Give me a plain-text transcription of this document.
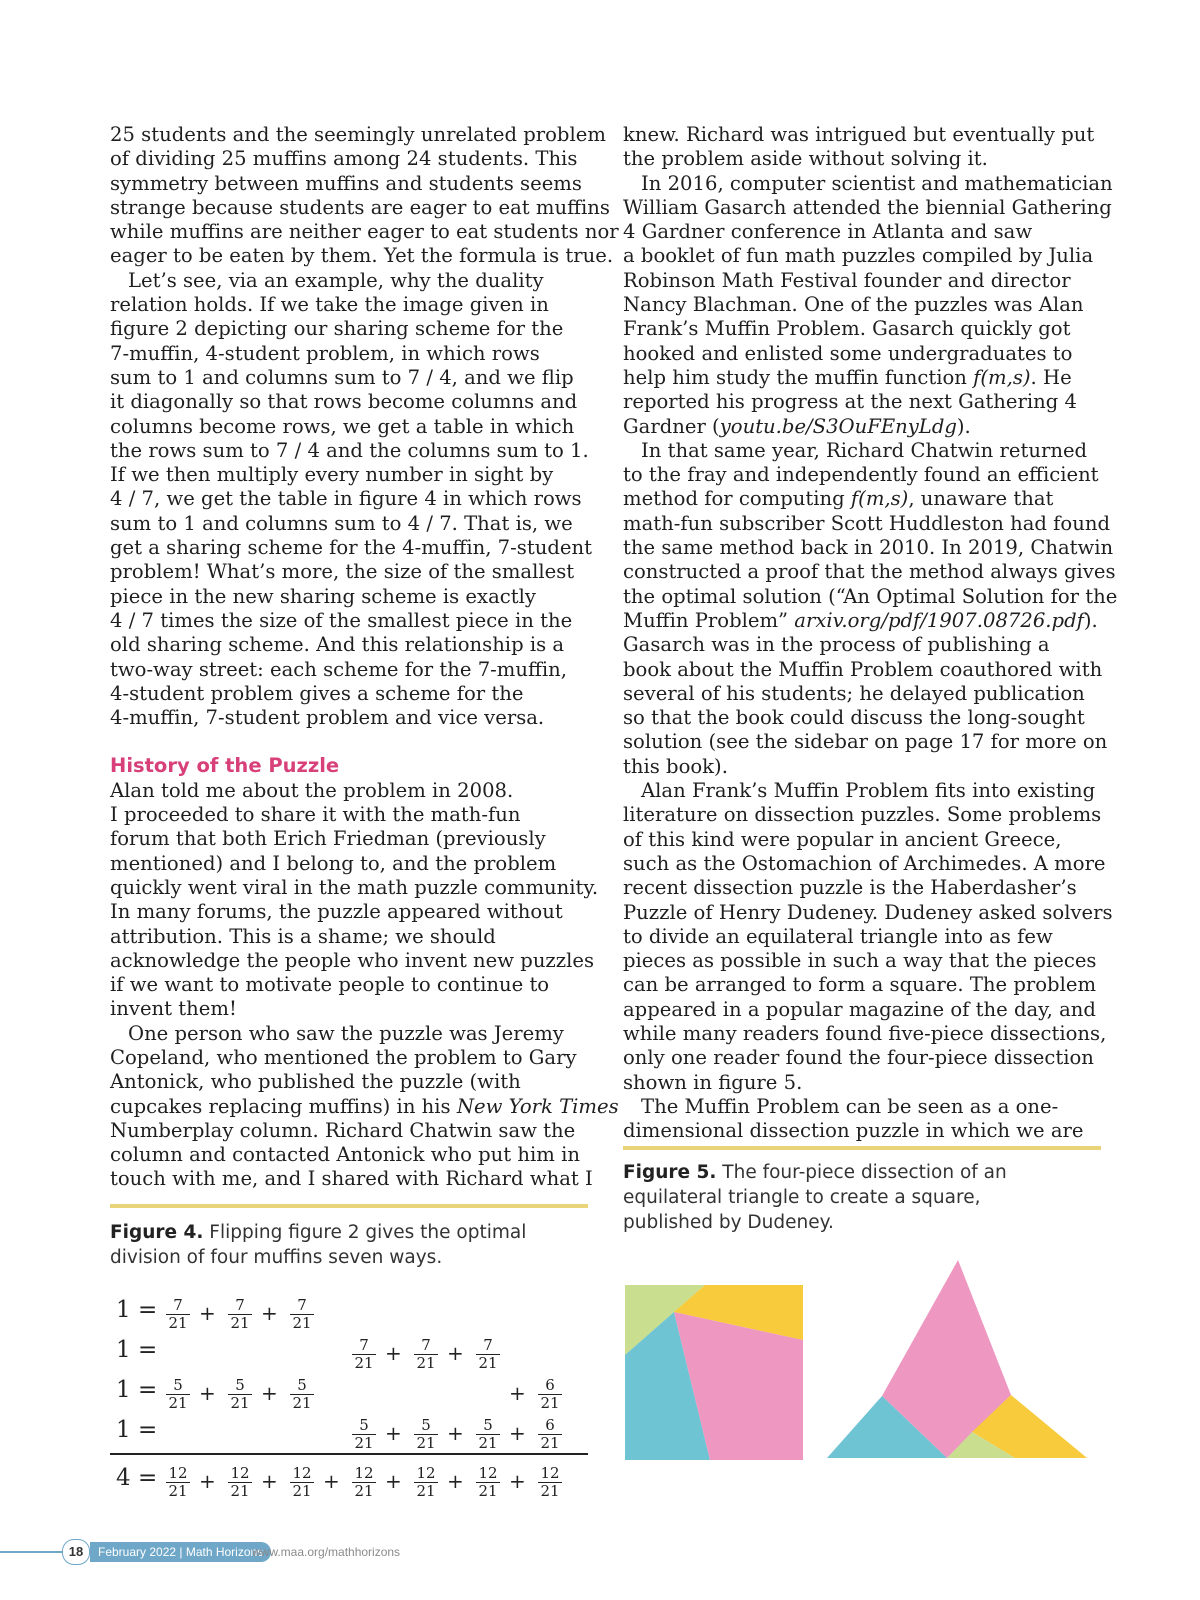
25 students and the seemingly unrelated problem
of dividing 25 muffins among 24 students. This
symmetry between muffins and students seems
strange because students are eager to eat muffins
while muffins are neither eager to eat students nor
eager to be eaten by them. Yet the formula is true.
Let’s see, via an example, why the duality
relation holds. If we take the image given in
figure 2 depicting our sharing scheme for the
7-muffin, 4-student problem, in which rows
sum to 1 and columns sum to 7 / 4, and we flip
it diagonally so that rows become columns and
columns become rows, we get a table in which
the rows sum to 7 / 4 and the columns sum to 1.
If we then multiply every number in sight by
4 / 7, we get the table in figure 4 in which rows
sum to 1 and columns sum to 4 / 7. That is, we
get a sharing scheme for the 4-muffin, 7-student
problem! What’s more, the size of the smallest
piece in the new sharing scheme is exactly
4 / 7 times the size of the smallest piece in the
old sharing scheme. And this relationship is a
two-way street: each scheme for the 7-muffin,
4-student problem gives a scheme for the
4-muffin, 7-student problem and vice versa.
History of the Puzzle
Alan told me about the problem in 2008.
I proceeded to share it with the math-fun
forum that both Erich Friedman (previously
mentioned) and I belong to, and the problem
quickly went viral in the math puzzle community.
In many forums, the puzzle appeared without
attribution. This is a shame; we should
acknowledge the people who invent new puzzles
if we want to motivate people to continue to
invent them!
One person who saw the puzzle was Jeremy
Copeland, who mentioned the problem to Gary
Antonick, who published the puzzle (with
cupcakes replacing muffins) in his New York Times
Numberplay column. Richard Chatwin saw the
column and contacted Antonick who put him in
touch with me, and I shared with Richard what I
Figure 4. Flipping figure 2 gives the optimal
division of four muffins seven ways.
1 =
1 =
1 =
1 =
4 =
$\frac{7}{21} + \frac{7}{21} + \frac{7}{21}$
$\frac{7}{21} + \frac{7}{21} + \frac{7}{21}$
$\frac{5}{21} + \frac{5}{21} + \frac{5}{21}$	+ $\frac{6}{21}$
$\frac{5}{21} + \frac{5}{21} + \frac{5}{21} + \frac{6}{21}$
$\frac{12}{21} + \frac{12}{21} + \frac{12}{21} + \frac{12}{21} + \frac{12}{21} + \frac{12}{21} + \frac{12}{21}$
knew. Richard was intrigued but eventually put
the problem aside without solving it.
In 2016, computer scientist and mathematician
William Gasarch attended the biennial Gathering
4 Gardner conference in Atlanta and saw
a booklet of fun math puzzles compiled by Julia
Robinson Math Festival founder and director
Nancy Blachman. One of the puzzles was Alan
Frank’s Muffin Problem. Gasarch quickly got
hooked and enlisted some undergraduates to
help him study the muffin function f(m,s). He
reported his progress at the next Gathering 4
Gardner (youtu.be/S3OuFEnyLdg).
In that same year, Richard Chatwin returned
to the fray and independently found an efficient
method for computing f(m,s), unaware that
math-fun subscriber Scott Huddleston had found
the same method back in 2010. In 2019, Chatwin
constructed a proof that the method always gives
the optimal solution (“An Optimal Solution for the
Muffin Problem” arxiv.org/pdf/1907.08726.pdf).
Gasarch was in the process of publishing a
book about the Muffin Problem coauthored with
several of his students; he delayed publication
so that the book could discuss the long-sought
solution (see the sidebar on page 17 for more on
this book).
Alan Frank’s Muffin Problem fits into existing
literature on dissection puzzles. Some problems
of this kind were popular in ancient Greece,
such as the Ostomachion of Archimedes. A more
recent dissection puzzle is the Haberdasher’s
Puzzle of Henry Dudeney. Dudeney asked solvers
to divide an equilateral triangle into as few
pieces as possible in such a way that the pieces
can be arranged to form a square. The problem
appeared in a popular magazine of the day, and
while many readers found five-piece dissections,
only one reader found the four-piece dissection
shown in figure 5.
The Muffin Problem can be seen as a one-
dimensional dissection puzzle in which we are
Figure 5. The four-piece dissection of an
equilateral triangle to create a square,
published by Dudeney.
18	February 2022 | Math Horizons
www.maa.org/mathhorizons
